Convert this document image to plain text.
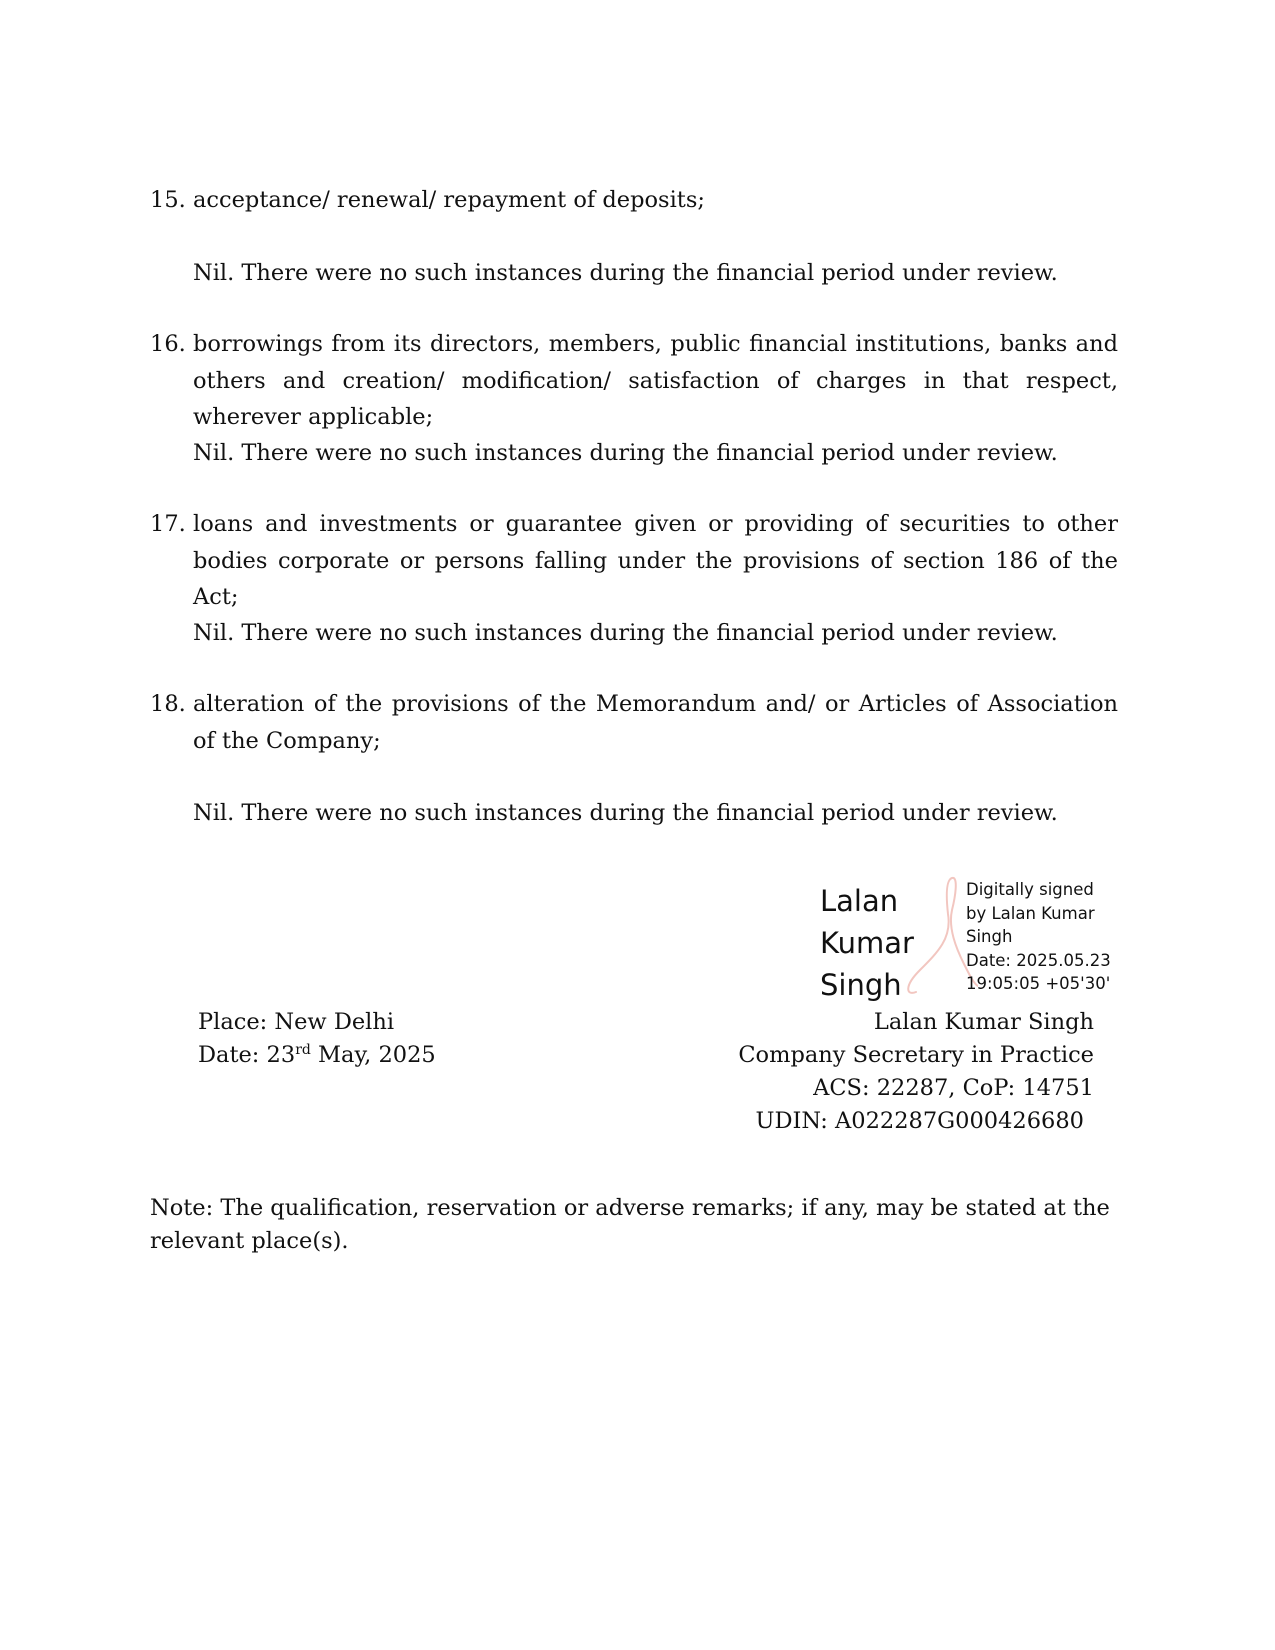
15. acceptance/ renewal/ repayment of deposits;
Nil. There were no such instances during the financial period under review.
16. borrowings from its directors, members, public financial institutions, banks and others and creation/ modification/ satisfaction of charges in that respect, wherever applicable;
Nil. There were no such instances during the financial period under review.
17. loans and investments or guarantee given or providing of securities to other bodies corporate or persons falling under the provisions of section 186 of the Act;
Nil. There were no such instances during the financial period under review.
18. alteration of the provisions of the Memorandum and/ or Articles of Association of the Company;
Nil. There were no such instances during the financial period under review.
Lalan
Kumar
Singh
Digitally signed
by Lalan Kumar
Singh
Date: 2025.05.23
19:05:05 +05'30'
Place: New Delhi
Date: 23rd May, 2025
Lalan Kumar Singh
Company Secretary in Practice
ACS: 22287, CoP: 14751
UDIN: A022287G000426680
Note: The qualification, reservation or adverse remarks; if any, may be stated at the relevant place(s).
